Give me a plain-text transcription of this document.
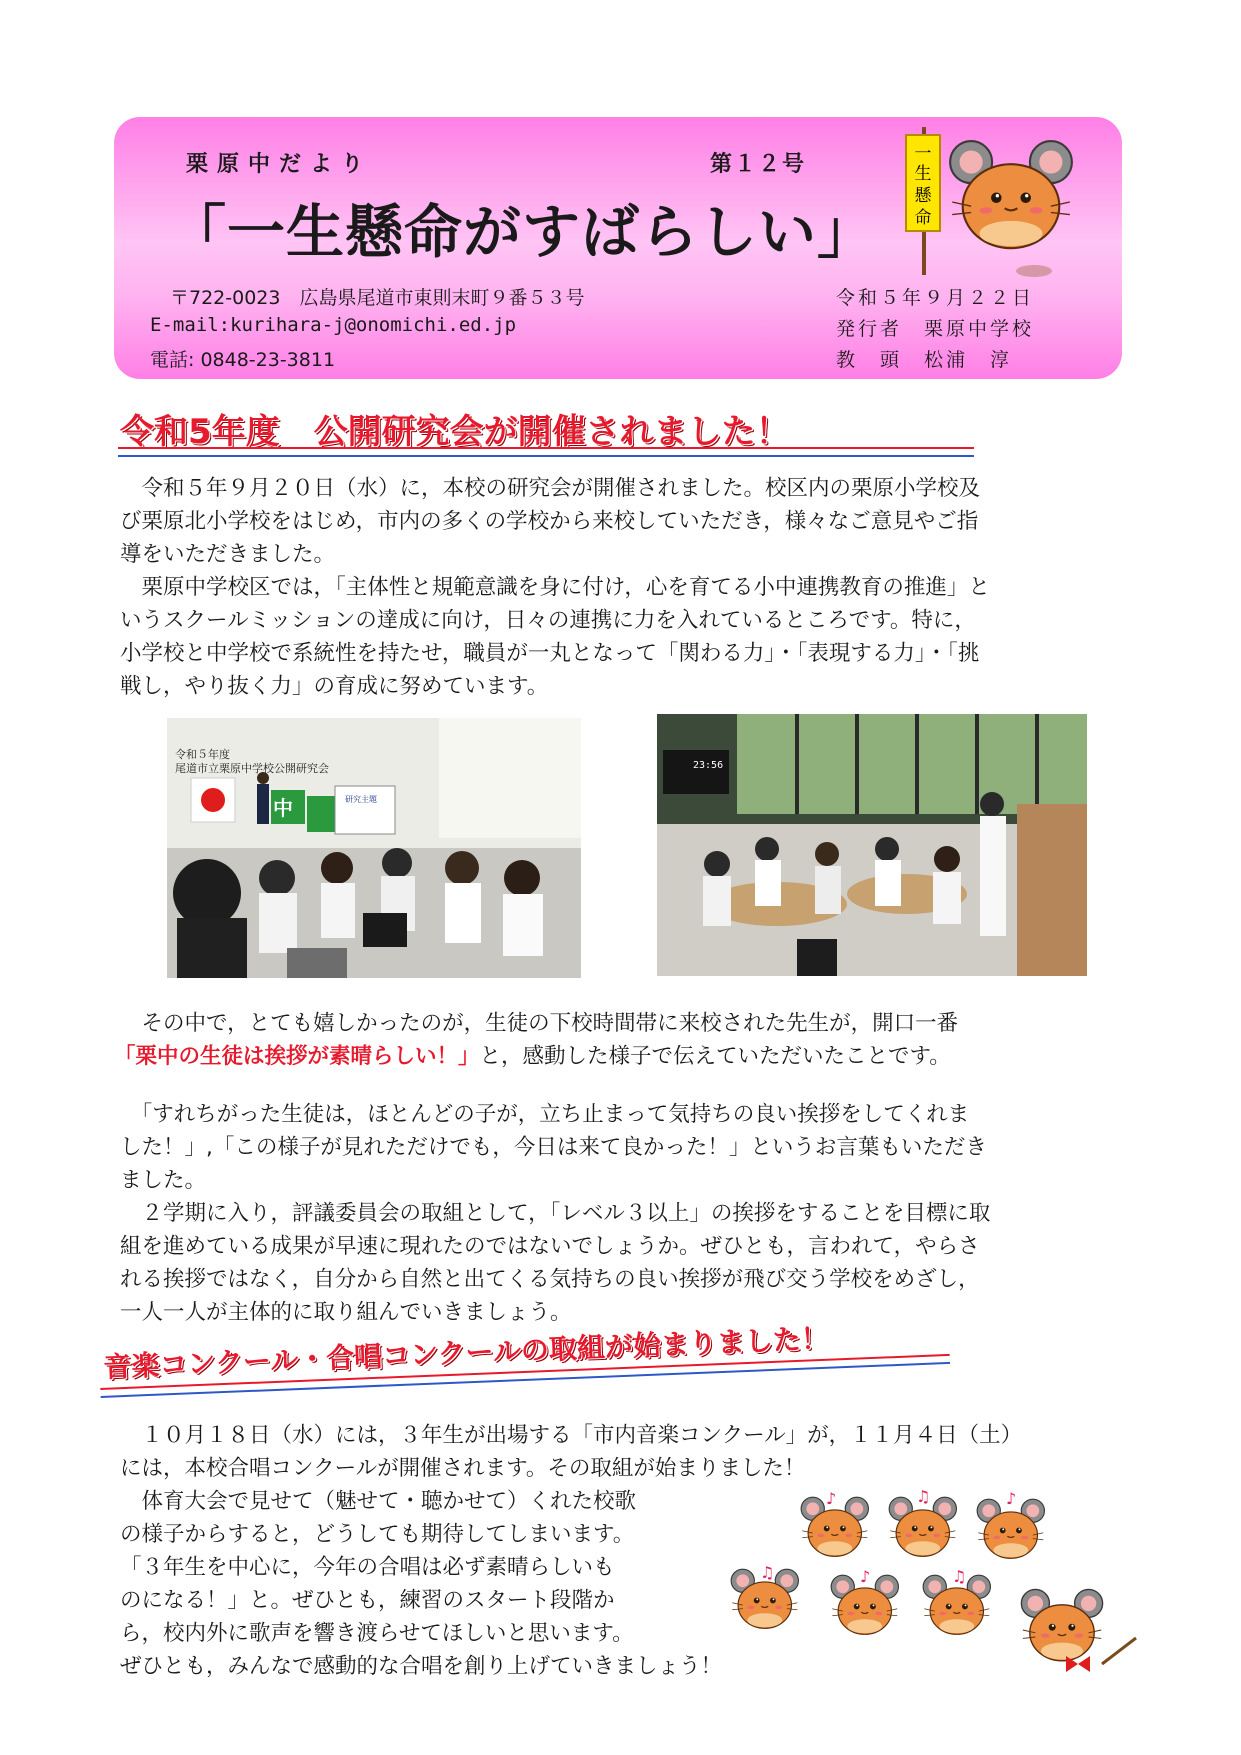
栗原中だより	第１２号
「一生懸命がすばらしい」
〒722-0023　広島県尾道市東則末町９番５３号
E-mail:kurihara-j@onomichi.ed.jp
電話: 0848-23-3811
令和５年９月２２日
発行者　栗原中学校
教　頭　松浦　淳
一
生
懸
命
令和5年度　公開研究会が開催されました！

　令和５年９月２０日（水）に，本校の研究会が開催されました。校区内の栗原小学校及

び栗原北小学校をはじめ，市内の多くの学校から来校していただき，様々なご意見やご指

導をいただきました。

　栗原中学校区では，「主体性と規範意識を身に付け，心を育てる小中連携教育の推進」と

いうスクールミッションの達成に向け，日々の連携に力を入れているところです。特に，

小学校と中学校で系統性を持たせ，職員が一丸となって「関わる力」・「表現する力」・「挑

戦し，やり抜く力」の育成に努めています。

令和５年度
尾道市立栗原中学校公開研究会
中	研究主題
23:56

　その中で，とても嬉しかったのが，生徒の下校時間帯に来校された先生が，開口一番

「栗中の生徒は挨拶が素晴らしい！」と，感動した様子で伝えていただいたことです。

　「すれちがった生徒は，ほとんどの子が，立ち止まって気持ちの良い挨拶をしてくれま

した！」,「この様子が見れただけでも，今日は来て良かった！」というお言葉もいただき

ました。

　２学期に入り，評議委員会の取組として，「レベル３以上」の挨拶をすることを目標に取

組を進めている成果が早速に現れたのではないでしょうか。ぜひとも，言われて，やらさ

れる挨拶ではなく，自分から自然と出てくる気持ちの良い挨拶が飛び交う学校をめざし，

一人一人が主体的に取り組んでいきましょう。

音楽コンクール・合唱コンクールの取組が始まりました！

　１０月１８日（水）には，３年生が出場する「市内音楽コンクール」が，１１月４日（土）

には，本校合唱コンクールが開催されます。その取組が始まりました！

　体育大会で見せて（魅せて・聴かせて）くれた校歌

の様子からすると，どうしても期待してしまいます。

「３年生を中心に，今年の合唱は必ず素晴らしいも

のになる！」と。ぜひとも，練習のスタート段階か

ら，校内外に歌声を響き渡らせてほしいと思います。

ぜひとも，みんなで感動的な合唱を創り上げていきましょう！

♪	♫	♪
♫	♪	♫
